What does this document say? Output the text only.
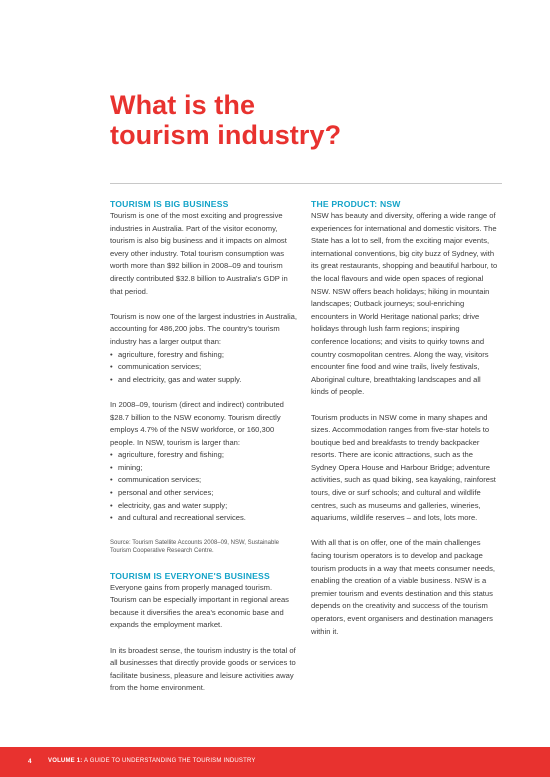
What is the
tourism industry?
TOURISM IS BIG BUSINESS

Tourism is one of the most exciting and progressive industries in Australia. Part of the visitor economy, tourism is also big business and it impacts on almost every other industry. Total tourism consumption was worth more than $92 billion in 2008–09 and tourism directly contributed $32.8 billion to Australia's GDP in that period.

Tourism is now one of the largest industries in Australia, accounting for 486,200 jobs. The country's tourism industry has a larger output than:

• agriculture, forestry and fishing;
• communication services;
• and electricity, gas and water supply.

In 2008–09, tourism (direct and indirect) contributed $28.7 billion to the NSW economy. Tourism directly employs 4.7% of the NSW workforce, or 160,300 people. In NSW, tourism is larger than:

• agriculture, forestry and fishing;
• mining;
• communication services;
• personal and other services;
• electricity, gas and water supply;
• and cultural and recreational services.

Source: Tourism Satellite Accounts 2008–09, NSW, Sustainable Tourism Cooperative Research Centre.

TOURISM IS EVERYONE'S BUSINESS

Everyone gains from properly managed tourism. Tourism can be especially important in regional areas because it diversifies the area's economic base and expands the employment market.

In its broadest sense, the tourism industry is the total of all businesses that directly provide goods or services to facilitate business, pleasure and leisure activities away from the home environment.

THE PRODUCT: NSW

NSW has beauty and diversity, offering a wide range of experiences for international and domestic visitors. The State has a lot to sell, from the exciting major events, international conventions, big city buzz of Sydney, with its great restaurants, shopping and beautiful harbour, to the local flavours and wide open spaces of regional NSW. NSW offers beach holidays; hiking in mountain landscapes; Outback journeys; soul-enriching encounters in World Heritage national parks; drive holidays through lush farm regions; inspiring conference locations; and visits to quirky towns and country cosmopolitan centres. Along the way, visitors encounter fine food and wine trails, lively festivals, Aboriginal culture, breathtaking landscapes and all kinds of people.

Tourism products in NSW come in many shapes and sizes. Accommodation ranges from five-star hotels to boutique bed and breakfasts to trendy backpacker resorts. There are iconic attractions, such as the Sydney Opera House and Harbour Bridge; adventure activities, such as quad biking, sea kayaking, rainforest tours, dive or surf schools; and cultural and wildlife centres, such as museums and galleries, wineries, aquariums, wildlife reserves – and lots, lots more.

With all that is on offer, one of the main challenges facing tourism operators is to develop and package tourism products in a way that meets consumer needs, enabling the creation of a viable business. NSW is a premier tourism and events destination and this status depends on the creativity and success of the tourism operators, event organisers and destination managers within it.

4	VOLUME 1: A GUIDE TO UNDERSTANDING THE TOURISM INDUSTRY
